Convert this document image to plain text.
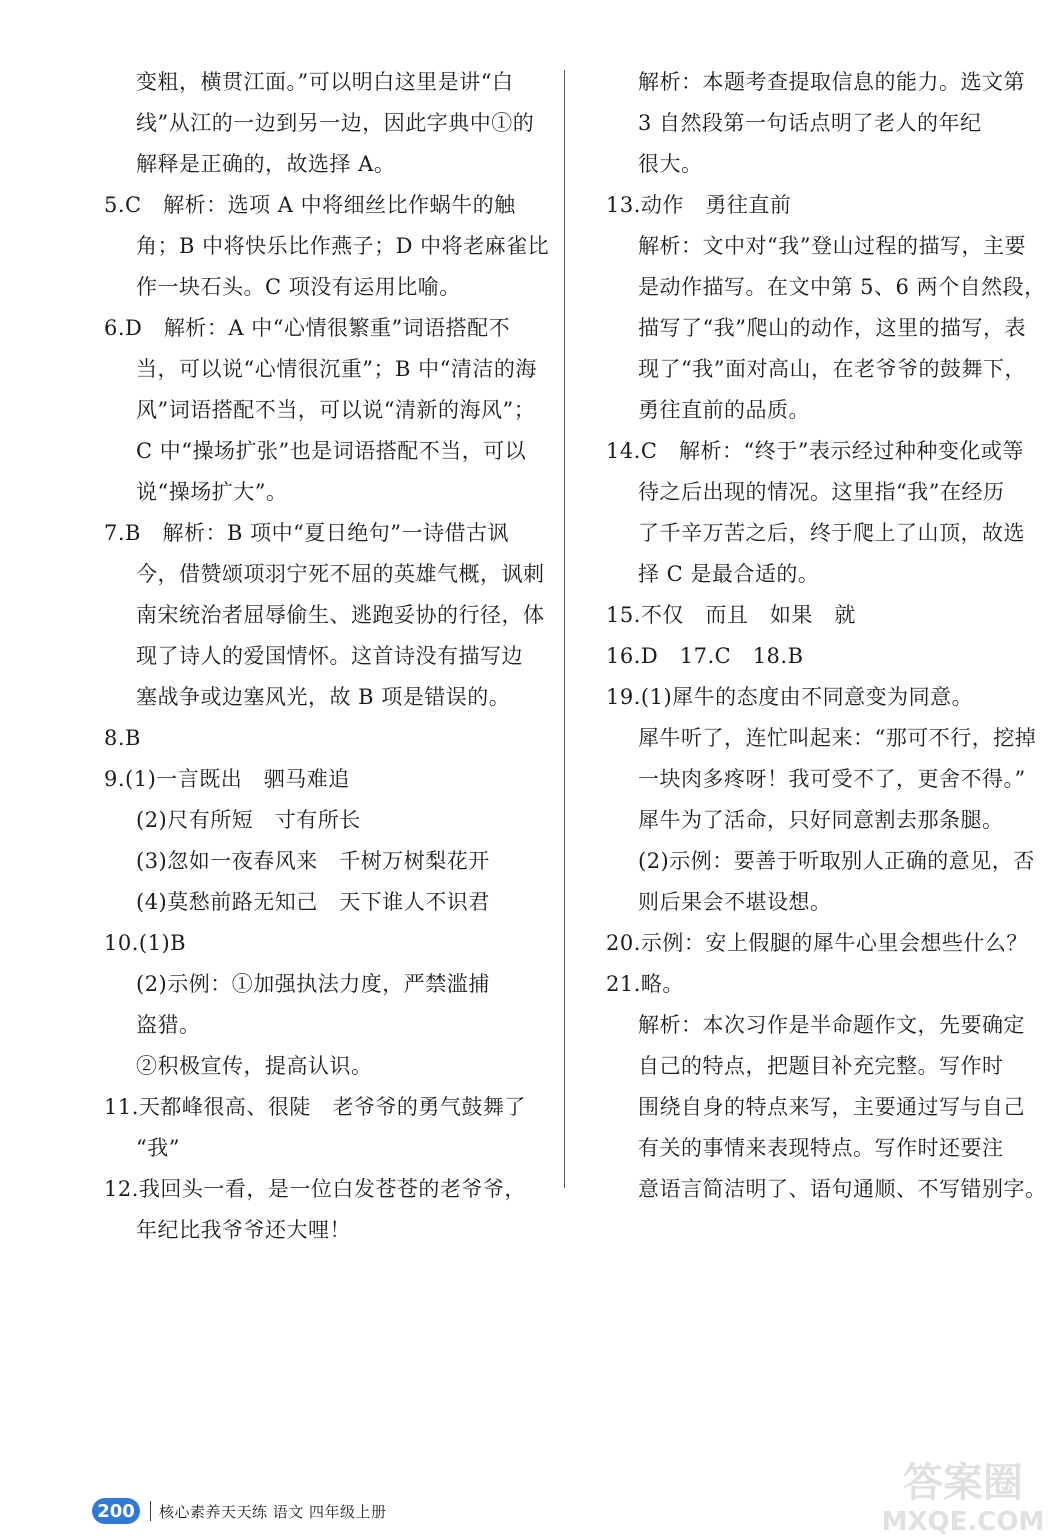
变粗，横贯江面。”可以明白这里是讲“白
线”从江的一边到另一边，因此字典中①的
解释是正确的，故选择 A。
5.C　解析：选项 A 中将细丝比作蜗牛的触
角；B 中将快乐比作燕子；D 中将老麻雀比
作一块石头。C 项没有运用比喻。
6.D　解析：A 中“心情很繁重”词语搭配不
当，可以说“心情很沉重”；B 中“清洁的海
风”词语搭配不当，可以说“清新的海风”；
C 中“操场扩张”也是词语搭配不当，可以
说“操场扩大”。
7.B　解析：B 项中“夏日绝句”一诗借古讽
今，借赞颂项羽宁死不屈的英雄气概，讽刺
南宋统治者屈辱偷生、逃跑妥协的行径，体
现了诗人的爱国情怀。这首诗没有描写边
塞战争或边塞风光，故 B 项是错误的。
8.B
9.(1)一言既出　驷马难追
(2)尺有所短　寸有所长
(3)忽如一夜春风来　千树万树梨花开
(4)莫愁前路无知己　天下谁人不识君
10.(1)B
(2)示例：①加强执法力度，严禁滥捕
盗猎。
②积极宣传，提高认识。
11.天都峰很高、很陡　老爷爷的勇气鼓舞了
“我”
12.我回头一看，是一位白发苍苍的老爷爷，
年纪比我爷爷还大哩！
解析：本题考查提取信息的能力。选文第
3 自然段第一句话点明了老人的年纪
很大。
13.动作　勇往直前
解析：文中对“我”登山过程的描写，主要
是动作描写。在文中第 5、6 两个自然段，
描写了“我”爬山的动作，这里的描写，表
现了“我”面对高山，在老爷爷的鼓舞下，
勇往直前的品质。
14.C　解析：“终于”表示经过种种变化或等
待之后出现的情况。这里指“我”在经历
了千辛万苦之后，终于爬上了山顶，故选
择 C 是最合适的。
15.不仅　而且　如果　就
16.D　17.C　18.B
19.(1)犀牛的态度由不同意变为同意。
犀牛听了，连忙叫起来：“那可不行，挖掉
一块肉多疼呀！我可受不了，更舍不得。”
犀牛为了活命，只好同意割去那条腿。
(2)示例：要善于听取别人正确的意见，否
则后果会不堪设想。
20.示例：安上假腿的犀牛心里会想些什么？
21.略。
解析：本次习作是半命题作文，先要确定
自己的特点，把题目补充完整。写作时
围绕自身的特点来写，主要通过写与自己
有关的事情来表现特点。写作时还要注
意语言简洁明了、语句通顺、不写错别字。
200	核心素养天天练 语文 四年级上册
答案圈
MXQE.COM
